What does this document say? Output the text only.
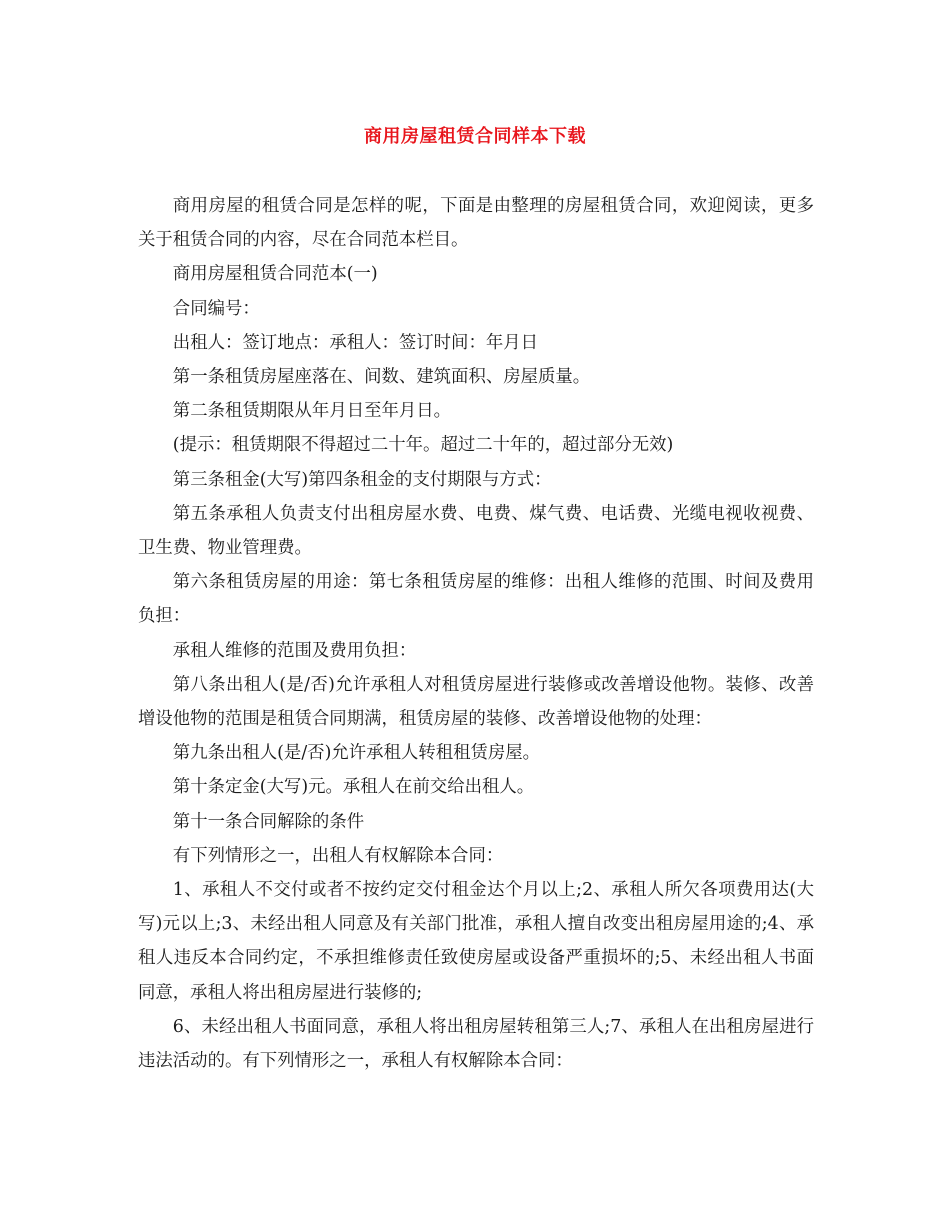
商用房屋租赁合同样本下载

商用房屋的租赁合同是怎样的呢，下面是由整理的房屋租赁合同，欢迎阅读，更多关于租赁合同的内容，尽在合同范本栏目。

商用房屋租赁合同范本(一)

合同编号：

出租人：签订地点：承租人：签订时间：年月日

第一条租赁房屋座落在、间数、建筑面积、房屋质量。

第二条租赁期限从年月日至年月日。

(提示：租赁期限不得超过二十年。超过二十年的，超过部分无效)

第三条租金(大写)第四条租金的支付期限与方式：

第五条承租人负责支付出租房屋水费、电费、煤气费、电话费、光缆电视收视费、卫生费、物业管理费。

第六条租赁房屋的用途：第七条租赁房屋的维修：出租人维修的范围、时间及费用负担：

承租人维修的范围及费用负担：

第八条出租人(是/否)允许承租人对租赁房屋进行装修或改善增设他物。装修、改善增设他物的范围是租赁合同期满，租赁房屋的装修、改善增设他物的处理：

第九条出租人(是/否)允许承租人转租租赁房屋。

第十条定金(大写)元。承租人在前交给出租人。

第十一条合同解除的条件

有下列情形之一，出租人有权解除本合同：

1、承租人不交付或者不按约定交付租金达个月以上;2、承租人所欠各项费用达(大写)元以上;3、未经出租人同意及有关部门批准，承租人擅自改变出租房屋用途的;4、承租人违反本合同约定，不承担维修责任致使房屋或设备严重损坏的;5、未经出租人书面同意，承租人将出租房屋进行装修的;

6、未经出租人书面同意，承租人将出租房屋转租第三人;7、承租人在出租房屋进行违法活动的。有下列情形之一，承租人有权解除本合同：
